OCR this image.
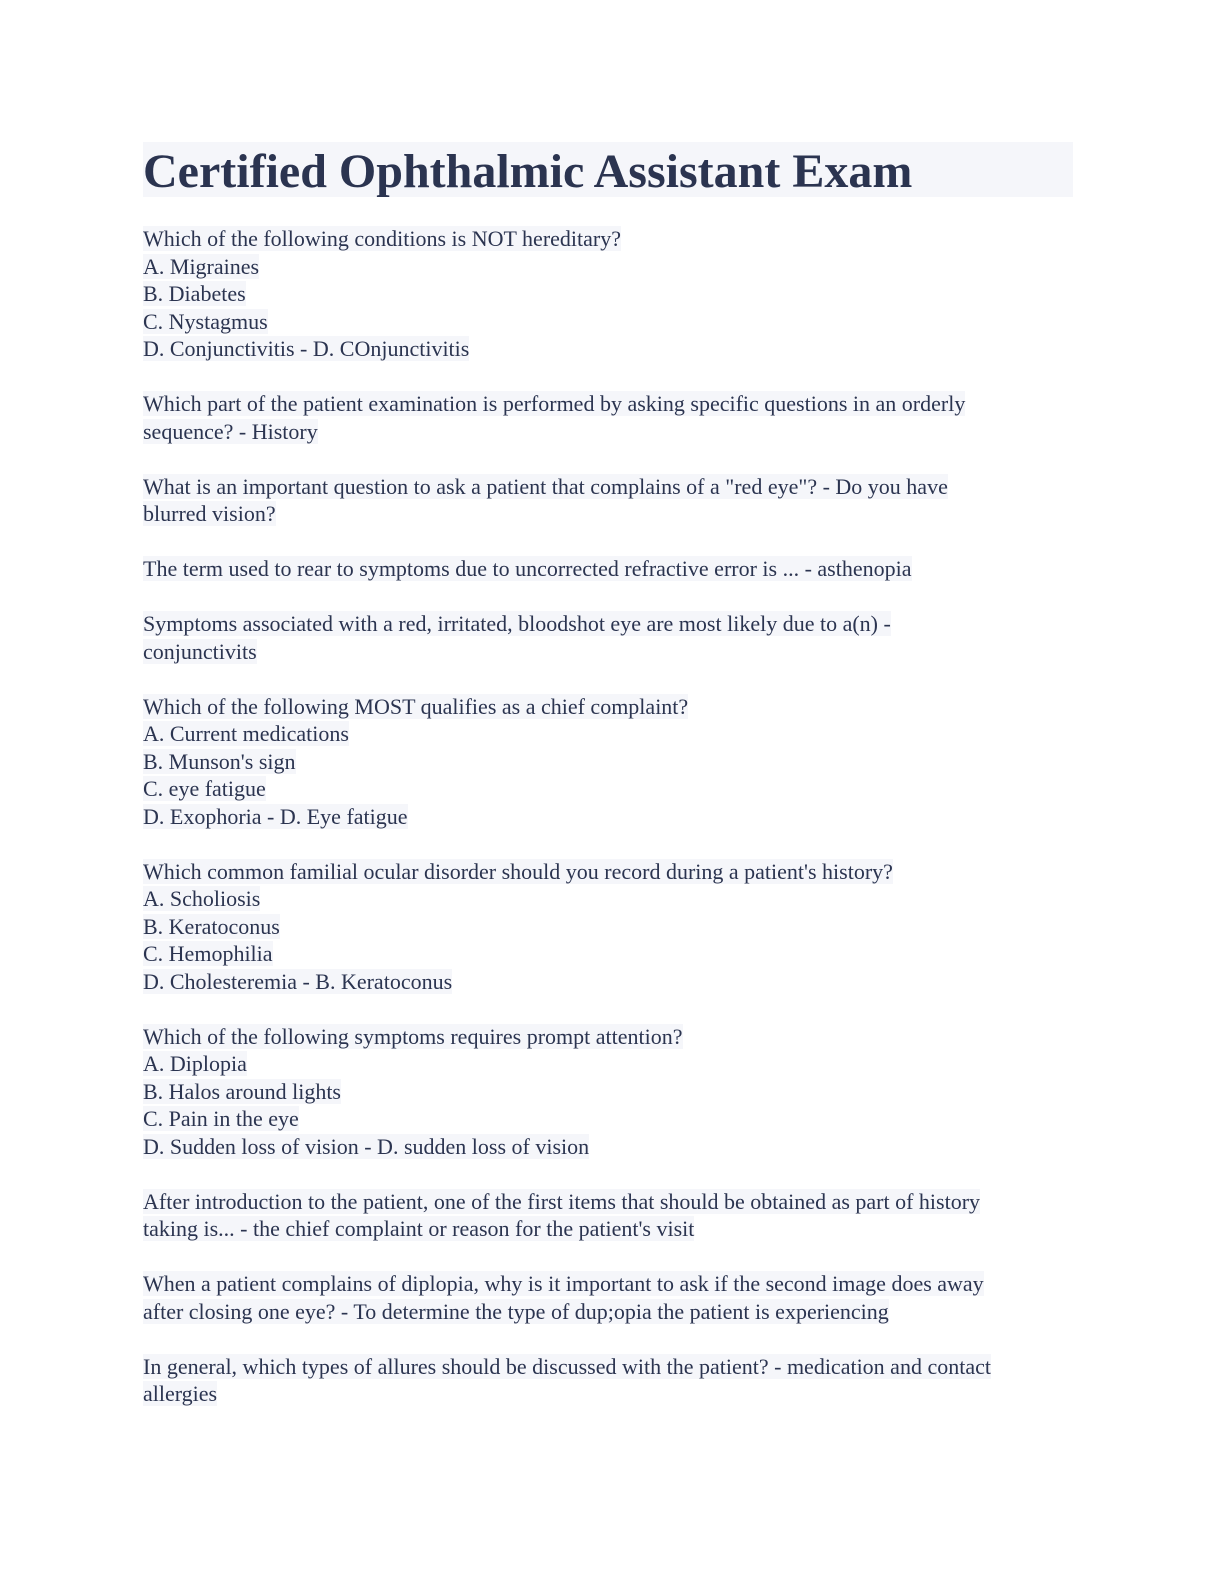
Certified Ophthalmic Assistant Exam
Which of the following conditions is NOT hereditary?
A. Migraines
B. Diabetes
C. Nystagmus
D. Conjunctivitis - D. COnjunctivitis
Which part of the patient examination is performed by asking specific questions in an orderly
sequence? - History
What is an important question to ask a patient that complains of a "red eye"? - Do you have
blurred vision?
The term used to rear to symptoms due to uncorrected refractive error is ... - asthenopia
Symptoms associated with a red, irritated, bloodshot eye are most likely due to a(n) -
conjunctivits
Which of the following MOST qualifies as a chief complaint?
A. Current medications
B. Munson's sign
C. eye fatigue
D. Exophoria - D. Eye fatigue
Which common familial ocular disorder should you record during a patient's history?
A. Scholiosis
B. Keratoconus
C. Hemophilia
D. Cholesteremia - B. Keratoconus
Which of the following symptoms requires prompt attention?
A. Diplopia
B. Halos around lights
C. Pain in the eye
D. Sudden loss of vision - D. sudden loss of vision
After introduction to the patient, one of the first items that should be obtained as part of history
taking is... - the chief complaint or reason for the patient's visit
When a patient complains of diplopia, why is it important to ask if the second image does away
after closing one eye? - To determine the type of dup;opia the patient is experiencing
In general, which types of allures should be discussed with the patient? - medication and contact
allergies
